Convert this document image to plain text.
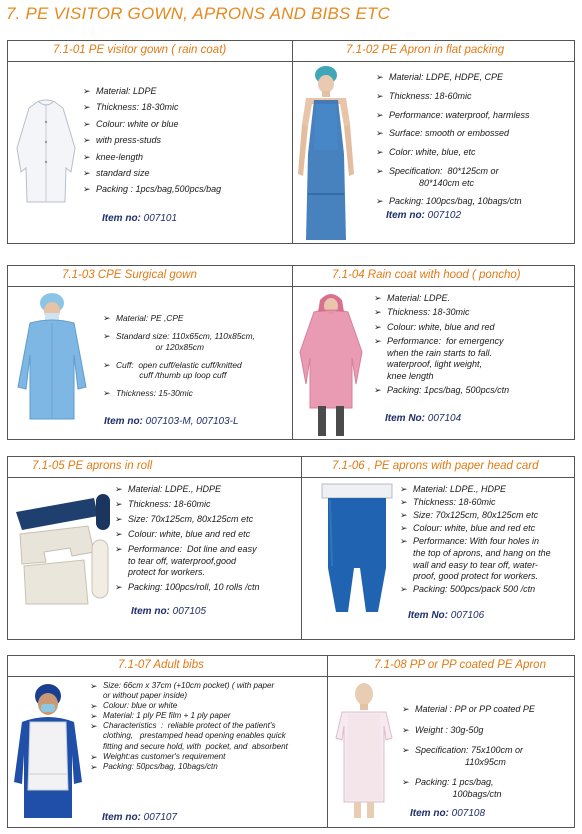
7. PE VISITOR GOWN, APRONS AND BIBS ETC
7.1-01 PE visitor gown ( rain coat)
➢ Material: LDPE
➢ Thickness: 18-30mic
➢ Colour: white or blue
➢ with press-studs
➢ knee-length
➢ standard size
➢ Packing : 1pcs/bag,500pcs/bag
Item no: 007101
7.1-02 PE Apron in flat packing
➢ Material: LDPE, HDPE, CPE
➢ Thickness: 18-60mic
➢ Performance: waterproof, harmless
➢ Surface: smooth or embossed
➢ Color: white, blue, etc
➢ Specification:  80*125cm or
80*140cm etc
➢ Packing: 100pcs/bag, 10bags/ctn
Item no: 007102
7.1-03 CPE Surgical gown
➢ Material: PE ,CPE
➢ Standard size: 110x65cm, 110x85cm,
or 120x85cm
➢ Cuff:  open cuff/elastic cuff/knitted
cuff /thumb up loop cuff
➢ Thickness: 15-30mic
Item no: 007103-M, 007103-L
7.1-04 Rain coat with hood ( poncho)
➢ Material: LDPE.
➢ Thickness: 18-30mic
➢ Colour: white, blue and red
➢ Performance:  for emergency
when the rain starts to fall.
waterproof, light weight,
knee length
➢ Packing: 1pcs/bag, 500pcs/ctn
Item No: 007104
7.1-05 PE aprons in roll
➢ Material: LDPE., HDPE
➢ Thickness: 18-60mic
➢ Size: 70x125cm, 80x125cm etc
➢ Colour: white, blue and red etc
➢ Performance:  Dot line and easy
to tear off, waterproof,good
protect for workers.
➢ Packing: 100pcs/roll, 10 rolls /ctn
Item no: 007105
7.1-06 , PE aprons with paper head card
➢ Material: LDPE., HDPE
➢ Thickness: 18-60mic
➢ Size: 70x125cm, 80x125cm etc
➢ Colour: white, blue and red etc
➢ Performance: With four holes in
the top of aprons, and hang on the
wall and easy to tear off, water-
proof, good protect for workers.
➢ Packing: 500pcs/pack 500 /ctn
Item No: 007106
7.1-07 Adult bibs
➢ Size: 66cm x 37cm (+10cm pocket) ( with paper
or without paper inside)
➢ Colour: blue or white
➢ Material: 1 ply PE film + 1 ply paper
➢ Characteristics  :  reliable protect of the patient's
clothing,   prestamped head opening enables quick
fitting and secure hold, with  pocket, and  absorbent
➢ Weight:as customer's requirement
➢ Packing: 50pcs/bag, 10bags/ctn
Item no: 007107
7.1-08 PP or PP coated PE Apron
➢ Material : PP or PP coated PE
➢ Weight : 30g-50g
➢ Specification: 75x100cm or
110x95cm
➢ Packing: 1 pcs/bag,
100bags/ctn
Item no: 007108
